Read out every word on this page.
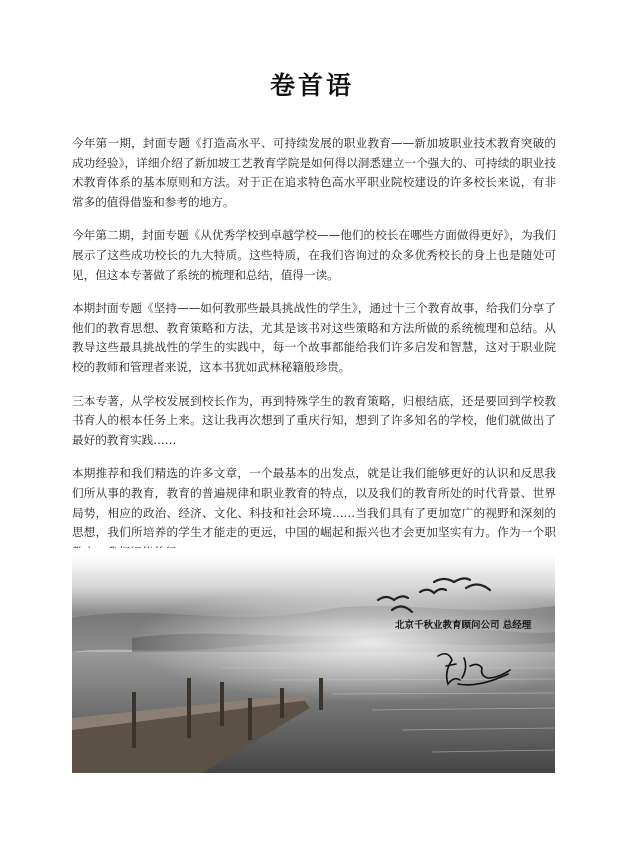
卷首语

今年第一期，封面专题《打造高水平、可持续发展的职业教育——新加坡职业技术教育突破的成功经验》，详细介绍了新加坡工艺教育学院是如何得以洞悉建立一个强大的、可持续的职业技术教育体系的基本原则和方法。对于正在追求特色高水平职业院校建设的许多校长来说，有非常多的值得借鉴和参考的地方。

今年第二期，封面专题《从优秀学校到卓越学校——他们的校长在哪些方面做得更好》，为我们展示了这些成功校长的九大特质。这些特质，在我们咨询过的众多优秀校长的身上也是随处可见，但这本专著做了系统的梳理和总结，值得一读。

本期封面专题《坚持——如何教那些最具挑战性的学生》，通过十三个教育故事，给我们分享了他们的教育思想、教育策略和方法，尤其是该书对这些策略和方法所做的系统梳理和总结。从教导这些最具挑战性的学生的实践中，每一个故事都能给我们许多启发和智慧，这对于职业院校的教师和管理者来说，这本书犹如武林秘籍般珍贵。

三本专著，从学校发展到校长作为，再到特殊学生的教育策略，归根结底，还是要回到学校教书育人的根本任务上来。这让我再次想到了重庆行知，想到了许多知名的学校，他们就做出了最好的教育实践……

本期推荐和我们精选的许多文章，一个最基本的出发点，就是让我们能够更好的认识和反思我们所从事的教育，教育的普遍规律和职业教育的特点，以及我们的教育所处的时代背景、世界局势，相应的政治、经济、文化、科技和社会环境……当我们具有了更加宽广的视野和深刻的思想，我们所培养的学生才能走的更远，中国的崛起和振兴也才会更加坚实有力。作为一个职

北京千秋业教育顾问公司 总经理
